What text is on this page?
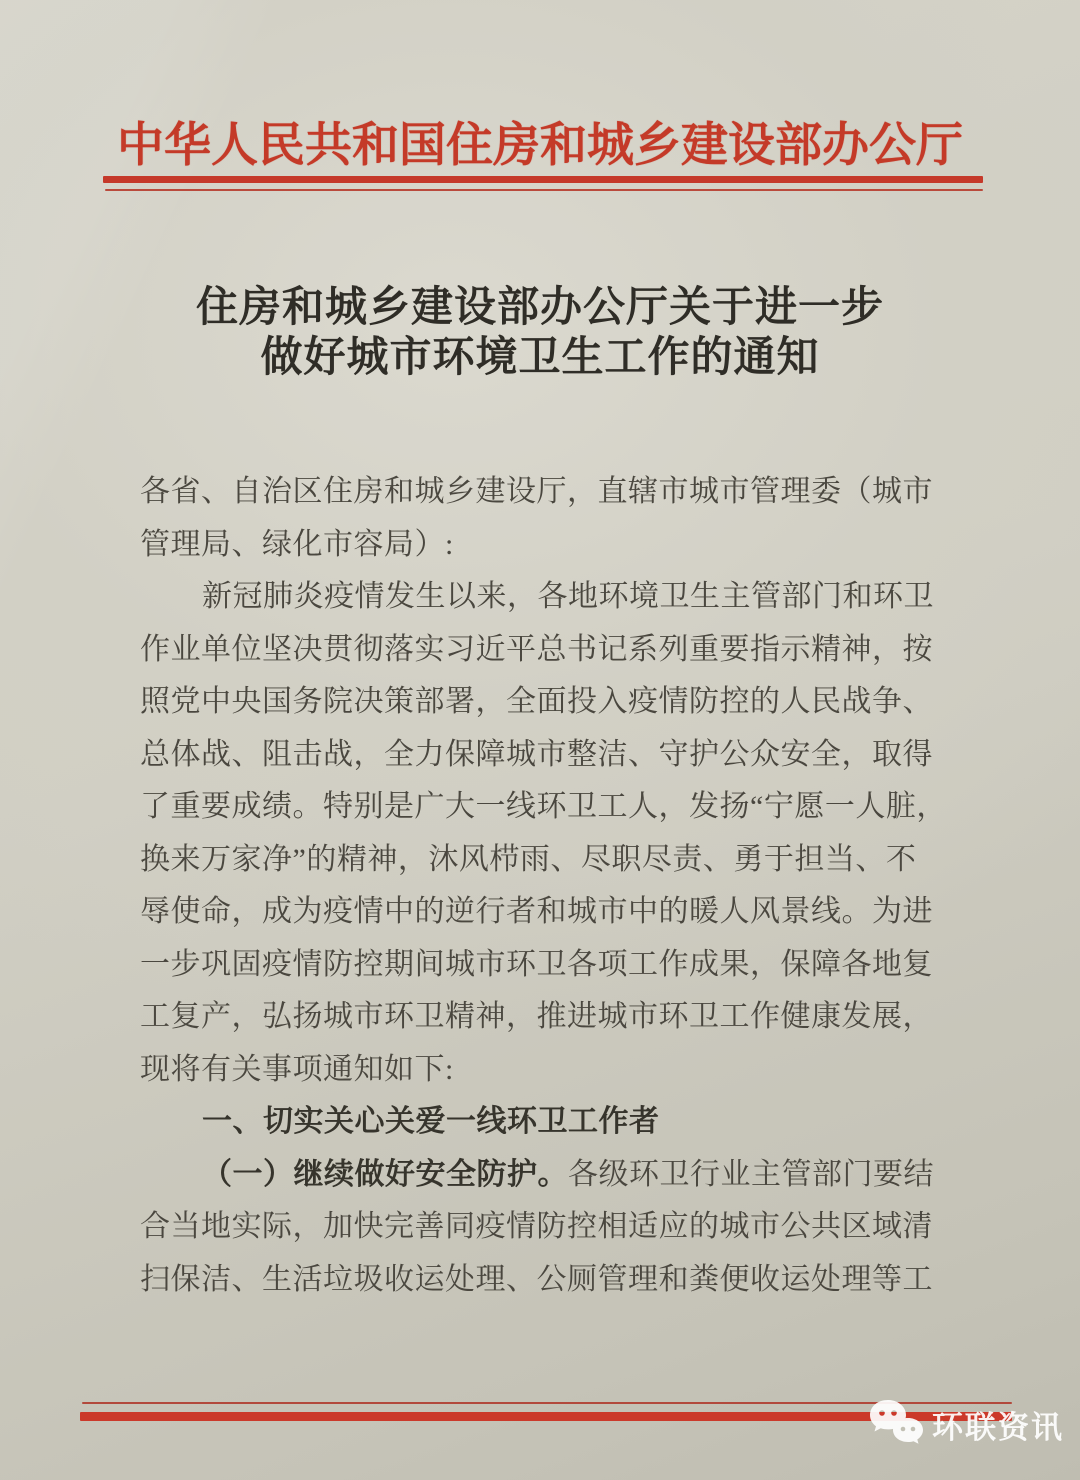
中华人民共和国住房和城乡建设部办公厅
住房和城乡建设部办公厅关于进一步
做好城市环境卫生工作的通知
各省、自治区住房和城乡建设厅，直辖市城市管理委（城市
管理局、绿化市容局）:
新冠肺炎疫情发生以来，各地环境卫生主管部门和环卫
作业单位坚决贯彻落实习近平总书记系列重要指示精神，按
照党中央国务院决策部署，全面投入疫情防控的人民战争、
总体战、阻击战，全力保障城市整洁、守护公众安全，取得
了重要成绩。特别是广大一线环卫工人，发扬“宁愿一人脏，
换来万家净”的精神，沐风栉雨、尽职尽责、勇于担当、不
辱使命，成为疫情中的逆行者和城市中的暖人风景线。为进
一步巩固疫情防控期间城市环卫各项工作成果，保障各地复
工复产，弘扬城市环卫精神，推进城市环卫工作健康发展，
现将有关事项通知如下:
一、切实关心关爱一线环卫工作者
（一）继续做好安全防护。各级环卫行业主管部门要结
合当地实际，加快完善同疫情防控相适应的城市公共区域清
扫保洁、生活垃圾收运处理、公厕管理和粪便收运处理等工
环联资讯
